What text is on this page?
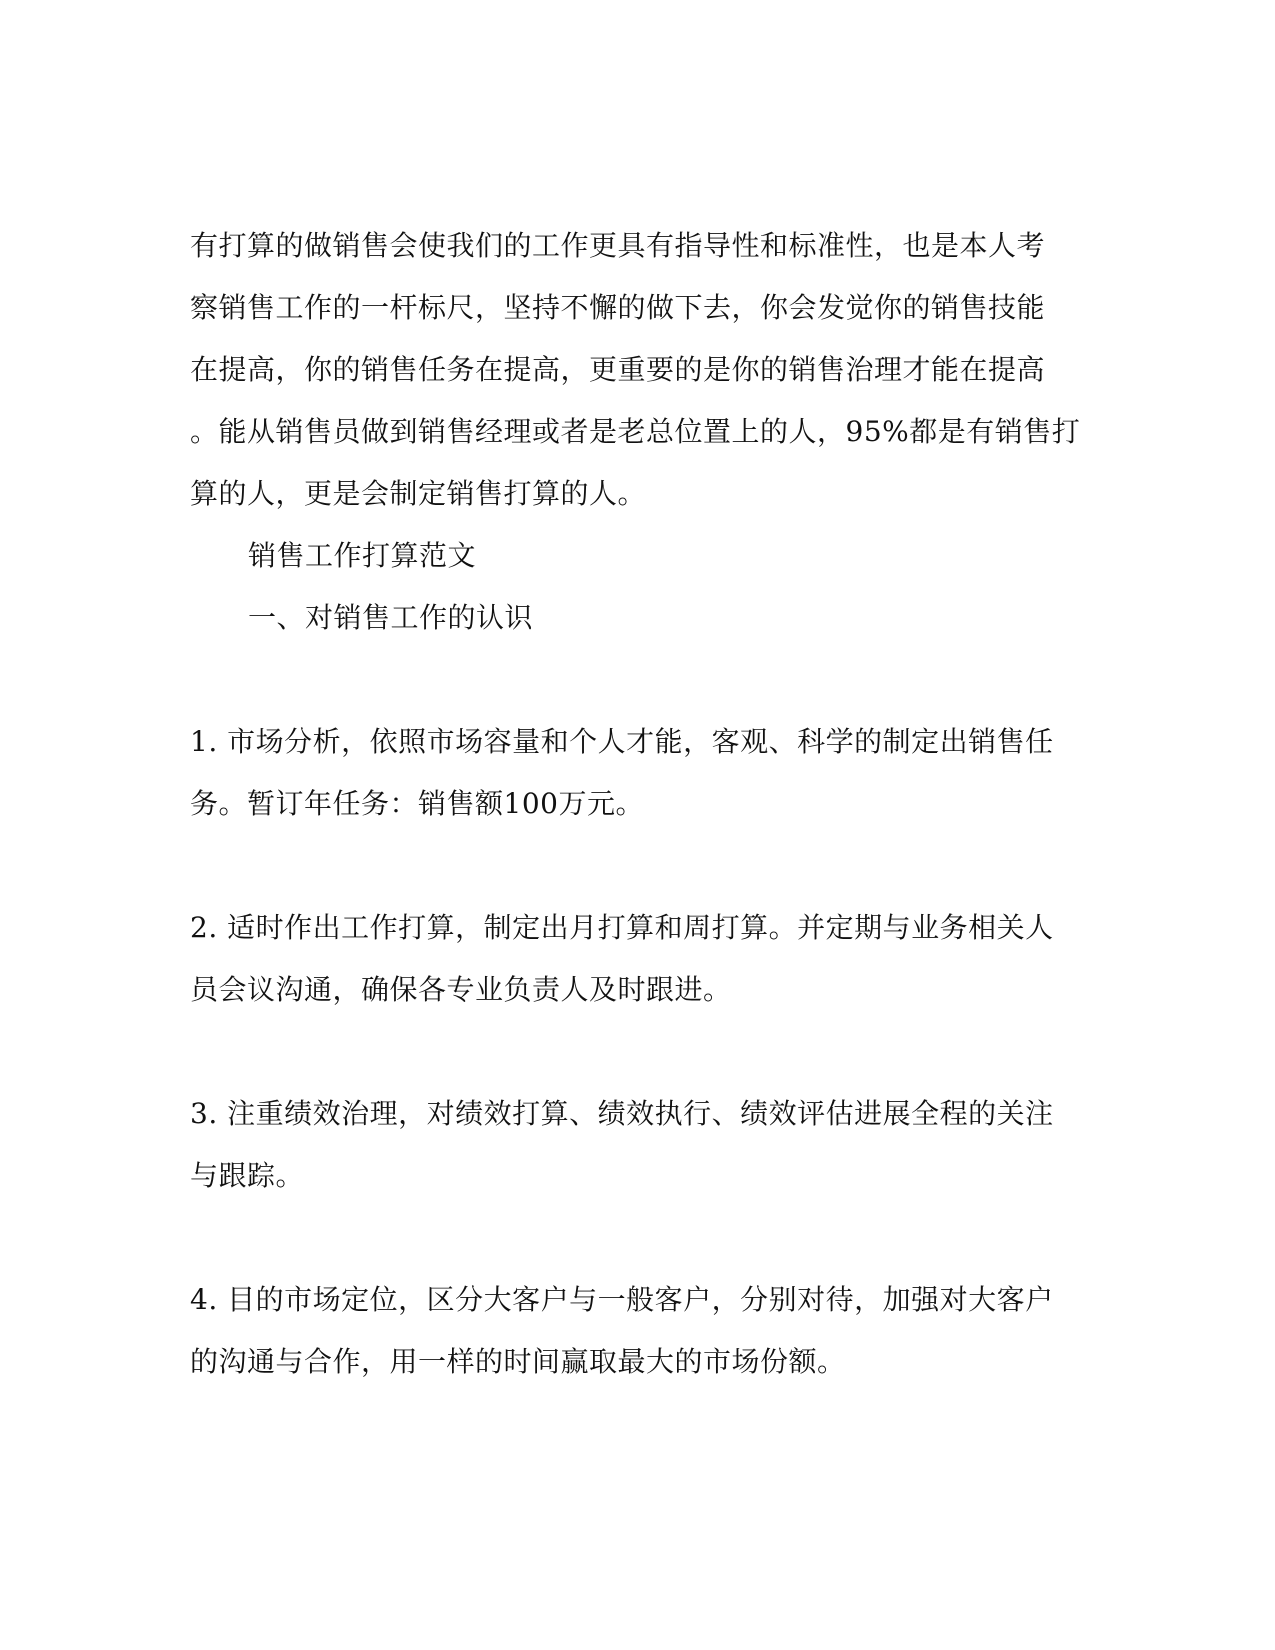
有打算的做销售会使我们的工作更具有指导性和标准性，也是本人考
察销售工作的一杆标尺，坚持不懈的做下去，你会发觉你的销售技能
在提高，你的销售任务在提高，更重要的是你的销售治理才能在提高
。能从销售员做到销售经理或者是老总位置上的人，95%都是有销售打
算的人，更是会制定销售打算的人。
销售工作打算范文
一、对销售工作的认识
1. 市场分析，依照市场容量和个人才能，客观、科学的制定出销售任
务。暂订年任务：销售额100万元。
2. 适时作出工作打算，制定出月打算和周打算。并定期与业务相关人
员会议沟通，确保各专业负责人及时跟进。
3. 注重绩效治理，对绩效打算、绩效执行、绩效评估进展全程的关注
与跟踪。
4. 目的市场定位，区分大客户与一般客户，分别对待，加强对大客户
的沟通与合作，用一样的时间赢取最大的市场份额。
